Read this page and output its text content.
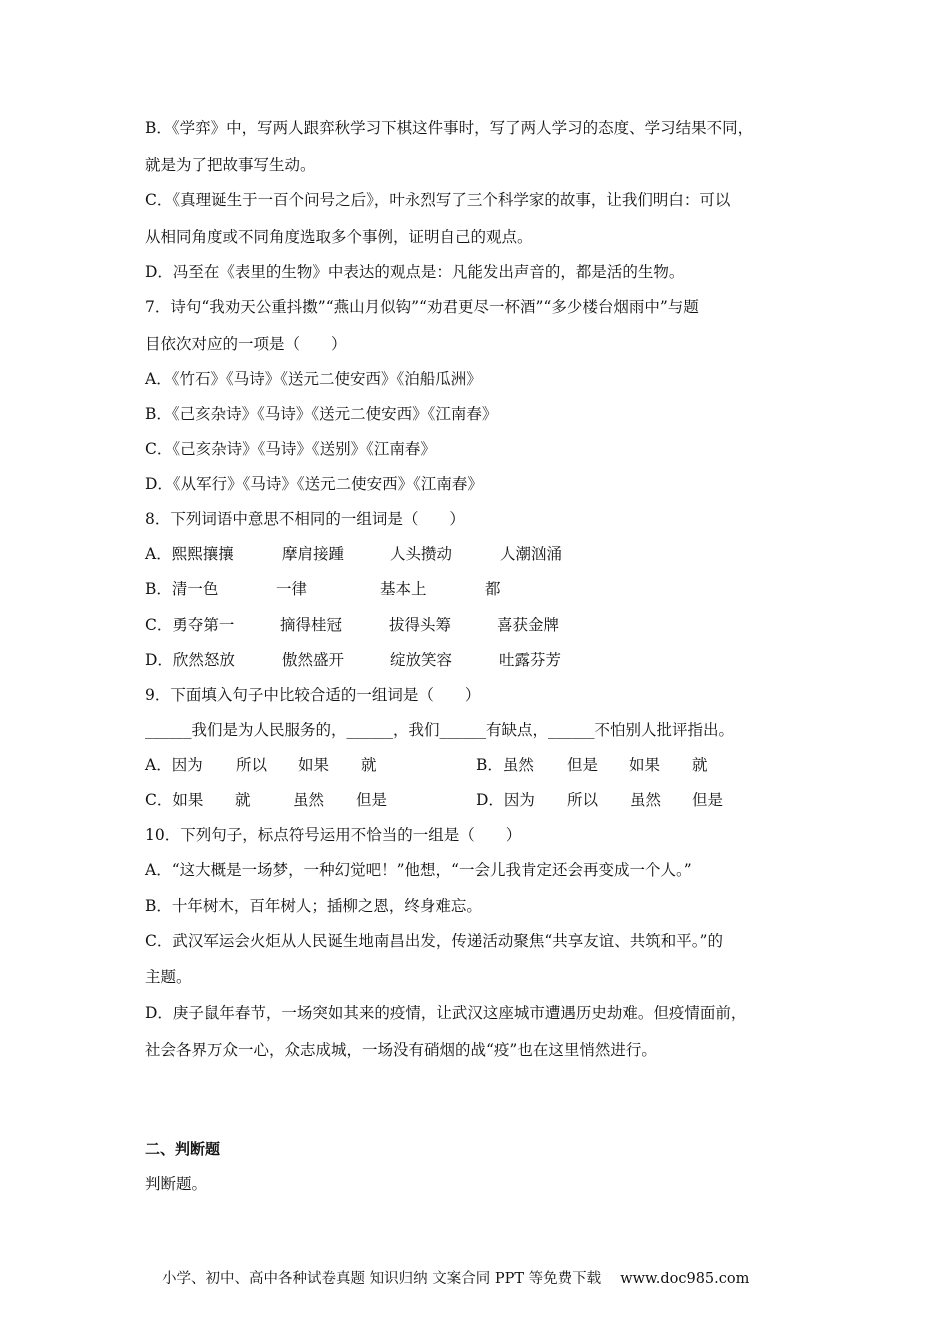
B．《学弈》中，写两人跟弈秋学习下棋这件事时，写了两人学习的态度、学习结果不同，
就是为了把故事写生动。
C．《真理诞生于一百个问号之后》，叶永烈写了三个科学家的故事，让我们明白：可以
从相同角度或不同角度选取多个事例，证明自己的观点。
D．冯至在《表里的生物》中表达的观点是：凡能发出声音的，都是活的生物。
7．诗句“我劝天公重抖擞”“燕山月似钩”“劝君更尽一杯酒”“多少楼台烟雨中”与题
目依次对应的一项是（　　）
A．《竹石》《马诗》《送元二使安西》《泊船瓜洲》
B．《己亥杂诗》《马诗》《送元二使安西》《江南春》
C．《己亥杂诗》《马诗》《送别》《江南春》
D．《从军行》《马诗》《送元二使安西》《江南春》
8．下列词语中意思不相同的一组词是（　　）
A．熙熙攘攘	摩肩接踵	人头攒动	人潮汹涌
B．清一色	一律	基本上	都
C．勇夺第一	摘得桂冠	拔得头筹	喜获金牌
D．欣然怒放	傲然盛开	绽放笑容	吐露芬芳
9．下面填入句子中比较合适的一组词是（　　）
______我们是为人民服务的，______，我们______有缺点，______不怕别人批评指出。
A．因为 所以 如果 就	B．虽然 但是 如果 就
C．如果 就	虽然 但是	D．因为 所以 虽然 但是
10．下列句子，标点符号运用不恰当的一组是（　　）
A．“这大概是一场梦，一种幻觉吧！”他想，“一会儿我肯定还会再变成一个人。”
B．十年树木，百年树人；插柳之恩，终身难忘。
C．武汉军运会火炬从人民诞生地南昌出发，传递活动聚焦“共享友谊、共筑和平。”的
主题。
D．庚子鼠年春节，一场突如其来的疫情，让武汉这座城市遭遇历史劫难。但疫情面前，
社会各界万众一心，众志成城，一场没有硝烟的战“疫”也在这里悄然进行。
二、判断题
判断题。
小学、初中、高中各种试卷真题 知识归纳 文案合同 PPT 等免费下载　 www.doc985.com
